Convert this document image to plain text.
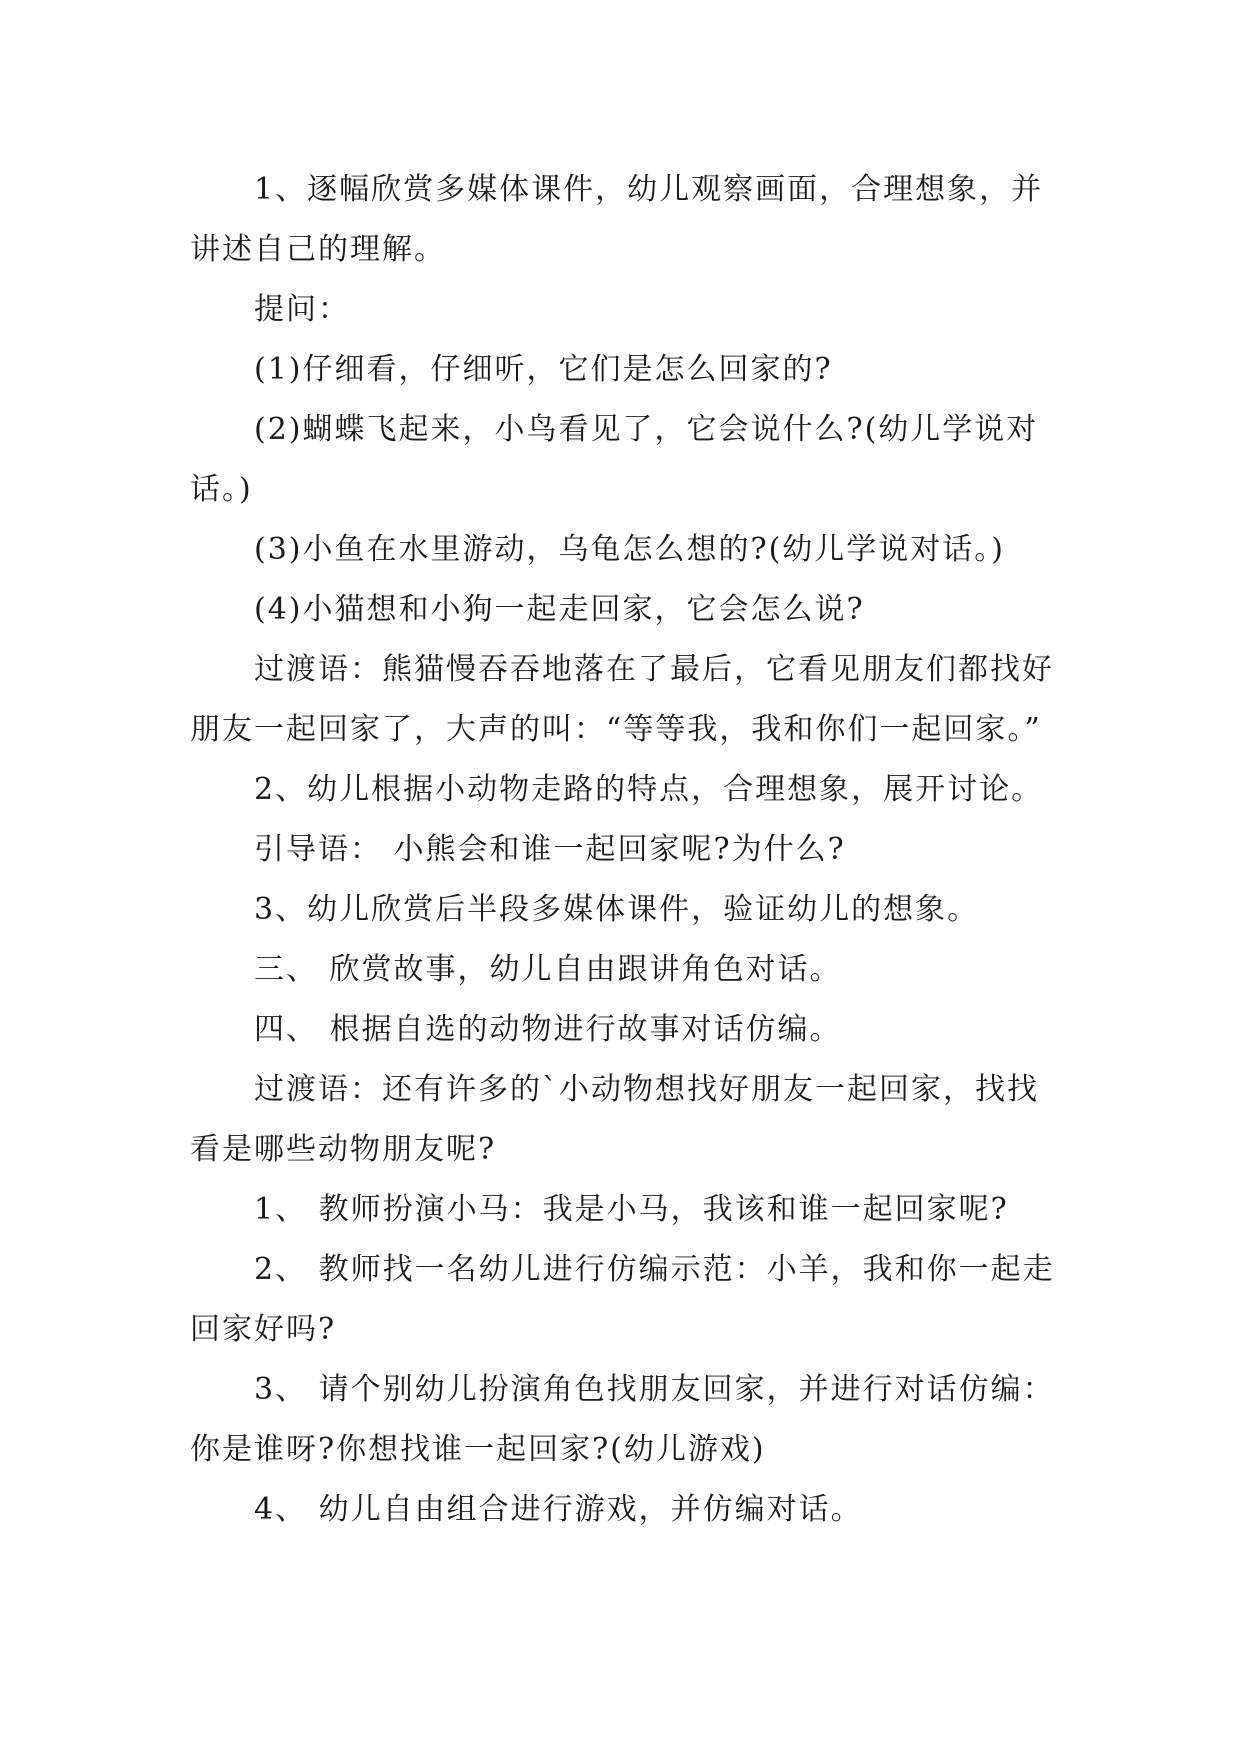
1、逐幅欣赏多媒体课件，幼儿观察画面，合理想象，并讲述自己的理解。

提问：

(1)仔细看，仔细听，它们是怎么回家的?

(2)蝴蝶飞起来，小鸟看见了，它会说什么?(幼儿学说对话。)

(3)小鱼在水里游动，乌龟怎么想的?(幼儿学说对话。)

(4)小猫想和小狗一起走回家，它会怎么说?

过渡语：熊猫慢吞吞地落在了最后，它看见朋友们都找好朋友一起回家了，大声的叫：“等等我，我和你们一起回家。”

2、幼儿根据小动物走路的特点，合理想象，展开讨论。

引导语： 小熊会和谁一起回家呢?为什么?

3、幼儿欣赏后半段多媒体课件，验证幼儿的想象。

三、 欣赏故事，幼儿自由跟讲角色对话。

四、 根据自选的动物进行故事对话仿编。

过渡语：还有许多的`小动物想找好朋友一起回家，找找看是哪些动物朋友呢?

1、 教师扮演小马：我是小马，我该和谁一起回家呢?

2、 教师找一名幼儿进行仿编示范：小羊，我和你一起走回家好吗?

3、 请个别幼儿扮演角色找朋友回家，并进行对话仿编：你是谁呀?你想找谁一起回家?(幼儿游戏)

4、 幼儿自由组合进行游戏，并仿编对话。
